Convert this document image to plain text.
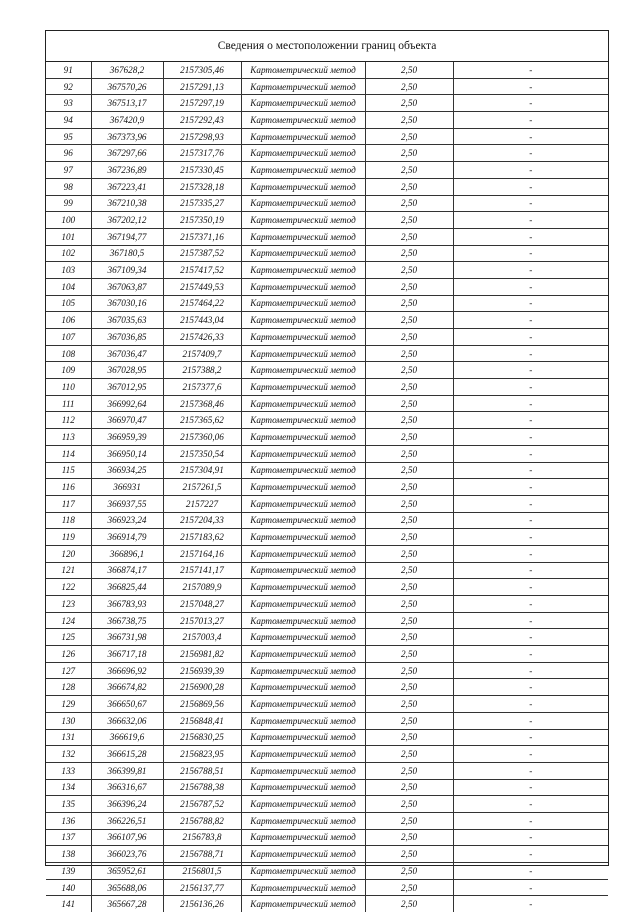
Сведения о местоположении границ объекта
91	367628,2	2157305,46	Картометрический метод	2,50	-
92	367570,26	2157291,13	Картометрический метод	2,50	-
93	367513,17	2157297,19	Картометрический метод	2,50	-
94	367420,9	2157292,43	Картометрический метод	2,50	-
95	367373,96	2157298,93	Картометрический метод	2,50	-
96	367297,66	2157317,76	Картометрический метод	2,50	-
97	367236,89	2157330,45	Картометрический метод	2,50	-
98	367223,41	2157328,18	Картометрический метод	2,50	-
99	367210,38	2157335,27	Картометрический метод	2,50	-
100	367202,12	2157350,19	Картометрический метод	2,50	-
101	367194,77	2157371,16	Картометрический метод	2,50	-
102	367180,5	2157387,52	Картометрический метод	2,50	-
103	367109,34	2157417,52	Картометрический метод	2,50	-
104	367063,87	2157449,53	Картометрический метод	2,50	-
105	367030,16	2157464,22	Картометрический метод	2,50	-
106	367035,63	2157443,04	Картометрический метод	2,50	-
107	367036,85	2157426,33	Картометрический метод	2,50	-
108	367036,47	2157409,7	Картометрический метод	2,50	-
109	367028,95	2157388,2	Картометрический метод	2,50	-
110	367012,95	2157377,6	Картометрический метод	2,50	-
111	366992,64	2157368,46	Картометрический метод	2,50	-
112	366970,47	2157365,62	Картометрический метод	2,50	-
113	366959,39	2157360,06	Картометрический метод	2,50	-
114	366950,14	2157350,54	Картометрический метод	2,50	-
115	366934,25	2157304,91	Картометрический метод	2,50	-
116	366931	2157261,5	Картометрический метод	2,50	-
117	366937,55	2157227	Картометрический метод	2,50	-
118	366923,24	2157204,33	Картометрический метод	2,50	-
119	366914,79	2157183,62	Картометрический метод	2,50	-
120	366896,1	2157164,16	Картометрический метод	2,50	-
121	366874,17	2157141,17	Картометрический метод	2,50	-
122	366825,44	2157089,9	Картометрический метод	2,50	-
123	366783,93	2157048,27	Картометрический метод	2,50	-
124	366738,75	2157013,27	Картометрический метод	2,50	-
125	366731,98	2157003,4	Картометрический метод	2,50	-
126	366717,18	2156981,82	Картометрический метод	2,50	-
127	366696,92	2156939,39	Картометрический метод	2,50	-
128	366674,82	2156900,28	Картометрический метод	2,50	-
129	366650,67	2156869,56	Картометрический метод	2,50	-
130	366632,06	2156848,41	Картометрический метод	2,50	-
131	366619,6	2156830,25	Картометрический метод	2,50	-
132	366615,28	2156823,95	Картометрический метод	2,50	-
133	366399,81	2156788,51	Картометрический метод	2,50	-
134	366316,67	2156788,38	Картометрический метод	2,50	-
135	366396,24	2156787,52	Картометрический метод	2,50	-
136	366226,51	2156788,82	Картометрический метод	2,50	-
137	366107,96	2156783,8	Картометрический метод	2,50	-
138	366023,76	2156788,71	Картометрический метод	2,50	-
139	365952,61	2156801,5	Картометрический метод	2,50	-
140	365688,06	2156137,77	Картометрический метод	2,50	-
141	365667,28	2156136,26	Картометрический метод	2,50	-
